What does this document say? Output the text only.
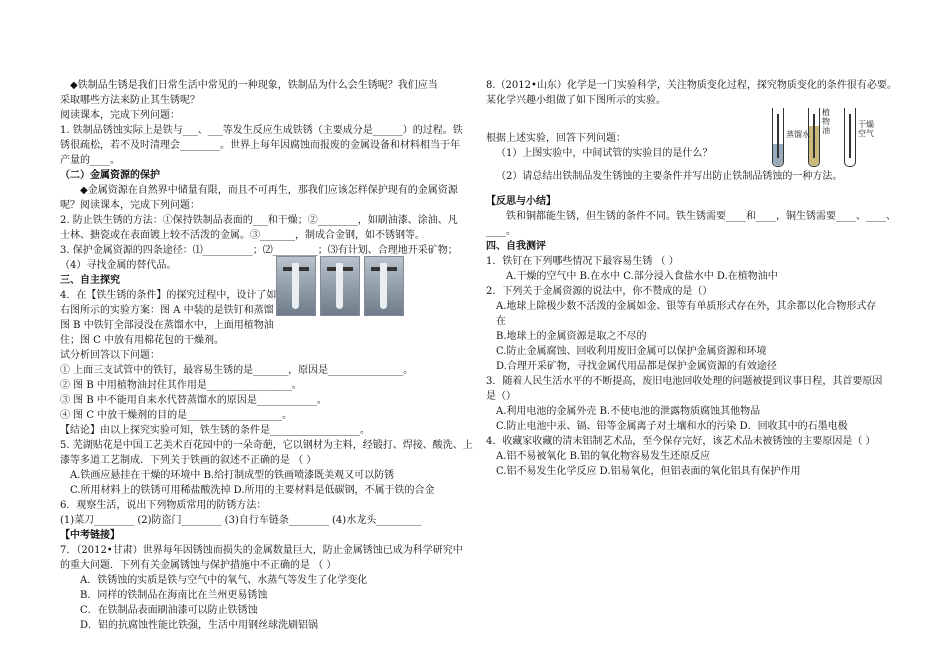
◆铁制品生锈是我们日常生活中常见的一种现象，铁制品为什么会生锈呢？我们应当

采取哪些方法来防止其生锈呢？

阅读课本，完成下列问题：

1. 铁制品锈蚀实际上是铁与___、___等发生反应生成铁锈（主要成分是______）的过程。铁

锈很疏松，若不及时清理会________。世界上每年因腐蚀而报废的金属设备和材料相当于年

产量的____。

（二）金属资源的保护

◆金属资源在自然界中储量有限，而且不可再生，那我们应该怎样保护现有的金属资源

呢？阅读课本，完成下列问题：

2. 防止铁生锈的方法：①保持铁制品表面的___和干燥；②________，如刷油漆、涂油、凡

士林、搪瓷或在表面镀上较不活泼的金属。③_______，制成合金钢，如不锈钢等。

3. 保护金属资源的四条途径：⑴__________；⑵_________；⑶有计划、合理地开采矿物；

（4）寻找金属的替代品。

三、自主探究

4．在【铁生锈的条件】的探究过程中，设计了如

右图所示的实验方案：图 A 中装的是铁钉和蒸馏

图 B 中铁钉全部浸没在蒸馏水中，上面用植物油

住；图 C 中放有用棉花包的干燥剂。

试分析回答以下问题：

① 上面三支试管中的铁钉，最容易生锈的是_______，原因是_______________。

② 图 B 中用植物油封住其作用是_________________。

③ 图 B 中不能用自来水代替蒸馏水的原因是____________。

④ 图 C 中放干燥剂的目的是___________________。

【结论】由以上探究实验可知，铁生锈的条件是__________________。

5. 芜湖贴花是中国工艺美术百花园中的一朵奇葩，它以钢材为主料，经锻打、焊接、酸洗、上

漆等多道工艺制成．下列关于铁画的叙述不正确的是 （ ）

A.铁画应悬挂在干燥的环境中 B.给打制成型的铁画喷漆既美观又可以防锈

C.所用材料上的铁锈可用稀盐酸洗掉 D.所用的主要材料是低碳钢，不属于铁的合金

6．观察生活，说出下列物质常用的防锈方法：

(1)菜刀________ (2)防盗门________ (3)自行车链条________ (4)水龙头_________

【中考链接】

7．（2012•甘肃）世界每年因锈蚀而损失的金属数量巨大，防止金属锈蚀已成为科学研究中

的重大问题．下列有关金属锈蚀与保护措施中不正确的是 （ ）

A．铁锈蚀的实质是铁与空气中的氧气、水蒸气等发生了化学变化

B．同样的铁制品在海南比在兰州更易锈蚀

C．在铁制品表面刷油漆可以防止铁锈蚀

D．铝的抗腐蚀性能比铁强，生活中用钢丝球洗刷铝锅

8.（2012•山东）化学是一门实验科学，关注物质变化过程，探究物质变化的条件很有必要。

某化学兴趣小组做了如下图所示的实验。

根据上述实验，回答下列问题：

（1）上图实验中，中间试管的实验目的是什么？

（2）请总结出铁制品发生锈蚀的主要条件并写出防止铁制品锈蚀的一种方法。

【反思与小结】

铁和铜都能生锈，但生锈的条件不同。铁生锈需要____和____，铜生锈需要____、____、

____。

四、自我测评

1．铁钉在下列哪些情况下最容易生锈 （ ）

A.干燥的空气中 B.在水中 C.部分浸入食盐水中 D.在植物油中

2．下列关于金属资源的说法中，你不赞成的是（）

A.地球上除极少数不活泼的金属如金、银等有单质形式存在外，其余都以化合物形式存

在

B.地球上的金属资源是取之不尽的

C.防止金属腐蚀、回收利用废旧金属可以保护金属资源和环境

D.合理开采矿物，寻找金属代用品都是保护金属资源的有效途径

3．随着人民生活水平的不断提高，废旧电池回收处理的问题被提到议事日程，其首要原因

是（）

A.利用电池的金属外壳 B.不使电池的泄露物质腐蚀其他物品

C.防止电池中汞、镉、铅等金属离子对土壤和水的污染 D．回收其中的石墨电极

4．收藏家收藏的清末铝制艺术品，至今保存完好，该艺术品未被锈蚀的主要原因是（ ）

A.铝不易被氧化 B.铝的氧化物容易发生还原反应

C.铝不易发生化学反应 D.铝易氧化，但铝表面的氧化铝具有保护作用

蒸馏水
植物油
干燥空气
